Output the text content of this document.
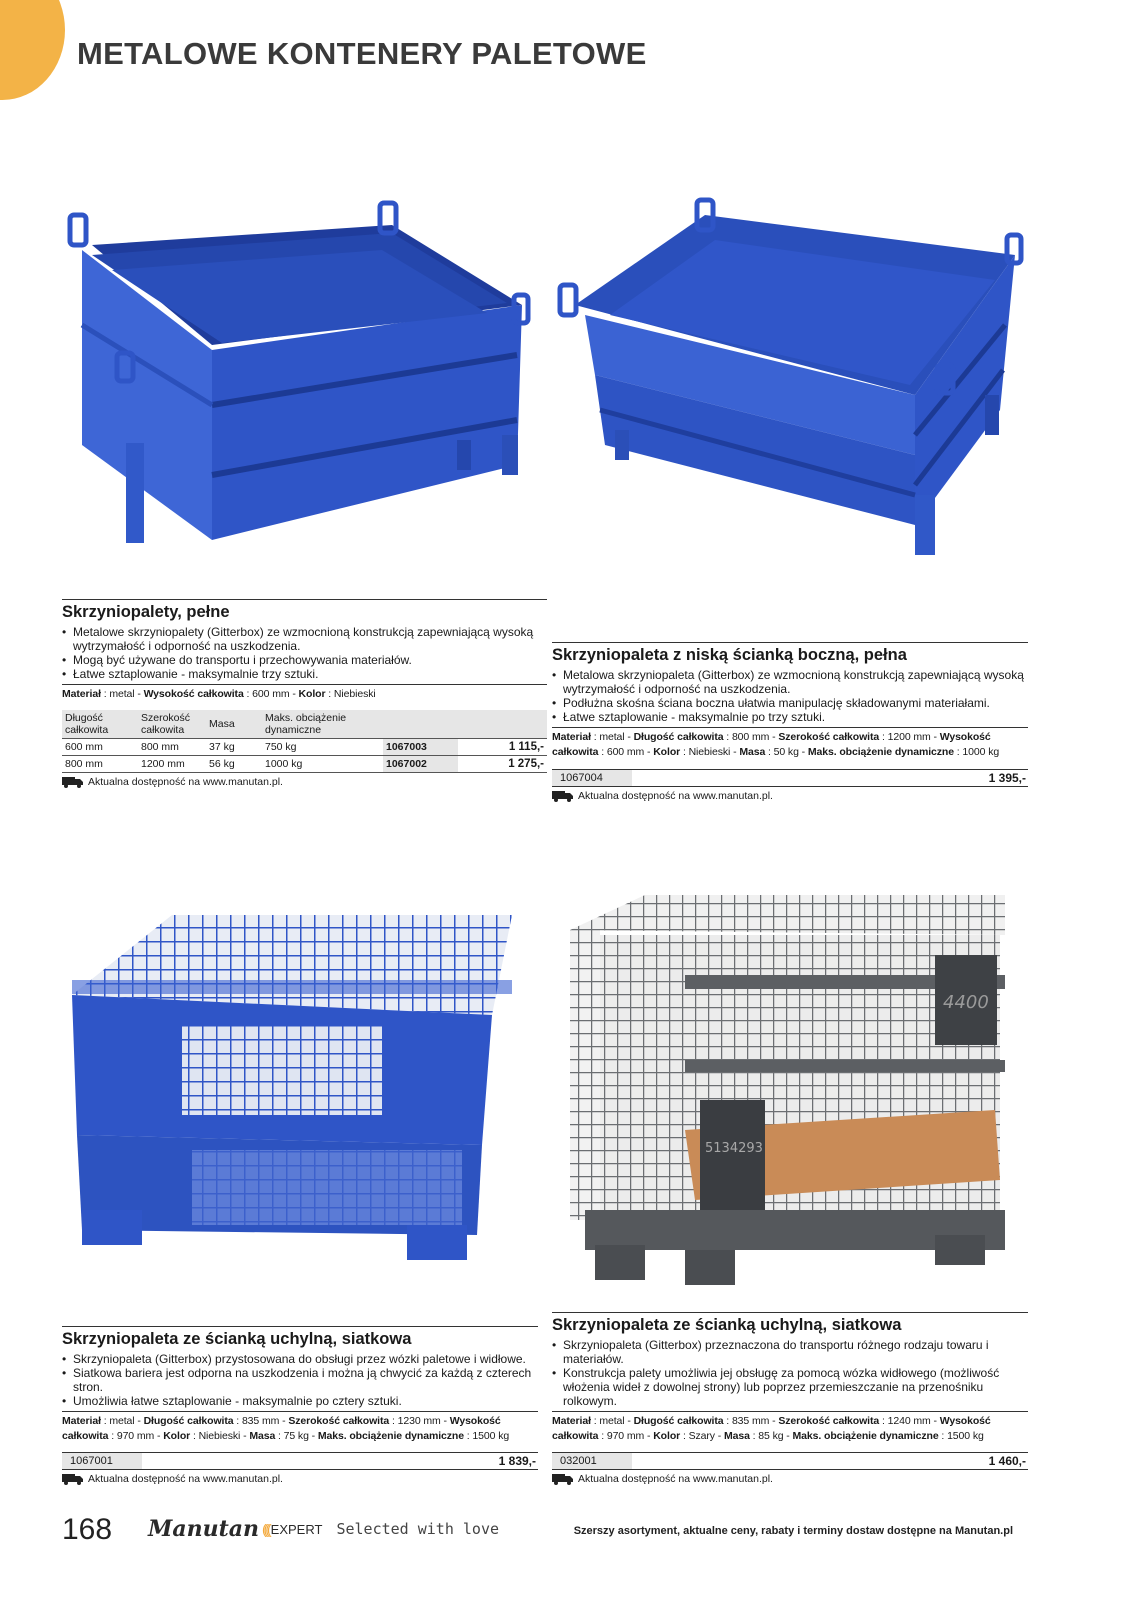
METALOWE KONTENERY PALETOWE
4400
5134293
Skrzyniopalety, pełne
• Metalowe skrzyniopalety (Gitterbox) ze wzmocnioną konstrukcją zapewniającą wysoką wytrzymałość i odporność na uszkodzenia.
• Mogą być używane do transportu i przechowywania materiałów.
• Łatwe sztaplowanie - maksymalnie trzy sztuki.
Materiał : metal - Wysokość całkowita : 600 mm - Kolor : Niebieski
Długość całkowita	Szerokość całkowita	Masa	Maks. obciążenie dynamiczne		
600 mm	800 mm	37 kg	750 kg	1067003	1 115,-
800 mm	1200 mm	56 kg	1000 kg	1067002	1 275,-
Aktualna dostępność na www.manutan.pl.
Skrzyniopaleta z niską ścianką boczną, pełna
• Metalowa skrzyniopaleta (Gitterbox) ze wzmocnioną konstrukcją zapewniającą wysoką wytrzymałość i odporność na uszkodzenia.
• Podłużna skośna ściana boczna ułatwia manipulację składowanymi materiałami.
• Łatwe sztaplowanie - maksymalnie po trzy sztuki.
Materiał : metal - Długość całkowita : 800 mm - Szerokość całkowita : 1200 mm - Wysokość całkowita : 600 mm - Kolor : Niebieski - Masa : 50 kg - Maks. obciążenie dynamiczne : 1000 kg
1067004	1 395,-
Aktualna dostępność na www.manutan.pl.
Skrzyniopaleta ze ścianką uchylną, siatkowa
• Skrzyniopaleta (Gitterbox) przystosowana do obsługi przez wózki paletowe i widłowe.
• Siatkowa bariera jest odporna na uszkodzenia i można ją chwycić za każdą z czterech stron.
• Umożliwia łatwe sztaplowanie - maksymalnie po cztery sztuki.
Materiał : metal - Długość całkowita : 835 mm - Szerokość całkowita : 1230 mm - Wysokość całkowita : 970 mm - Kolor : Niebieski - Masa : 75 kg - Maks. obciążenie dynamiczne : 1500 kg
1067001	1 839,-
Aktualna dostępność na www.manutan.pl.
Skrzyniopaleta ze ścianką uchylną, siatkowa
• Skrzyniopaleta (Gitterbox) przeznaczona do transportu różnego rodzaju towaru i materiałów.
• Konstrukcja palety umożliwia jej obsługę za pomocą wózka widłowego (możliwość włożenia wideł z dowolnej strony) lub poprzez przemieszczanie na przenośniku rolkowym.
Materiał : metal - Długość całkowita : 835 mm - Szerokość całkowita : 1240 mm - Wysokość całkowita : 970 mm - Kolor : Szary - Masa : 85 kg - Maks. obciążenie dynamiczne : 1500 kg
032001	1 460,-
Aktualna dostępność na www.manutan.pl.
168 Manutan (((( EXPERT Selected with love	Szerszy asortyment, aktualne ceny, rabaty i terminy dostaw dostępne na Manutan.pl
